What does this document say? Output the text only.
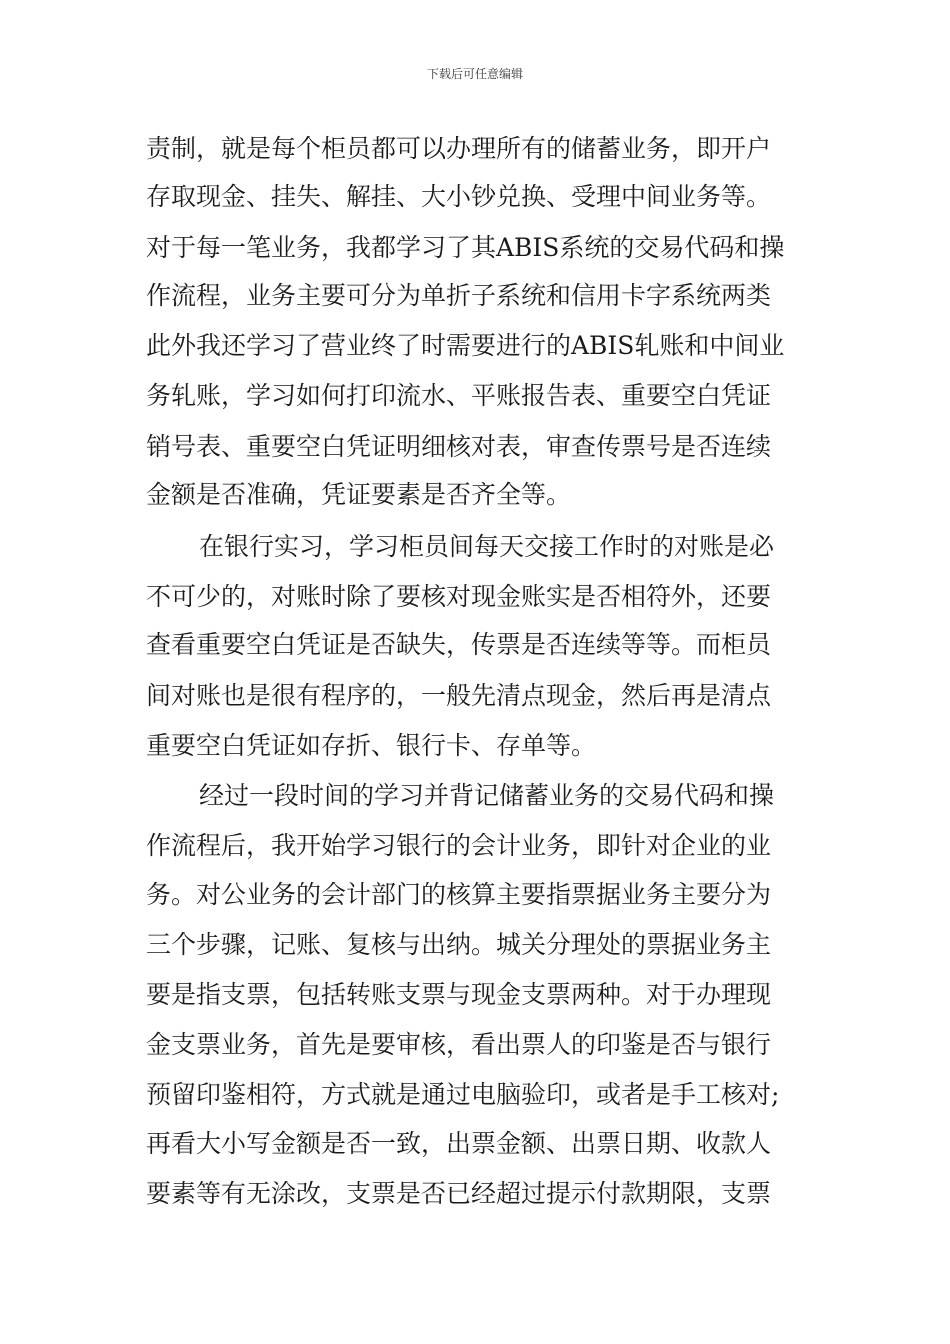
下载后可任意编辑
责制，就是每个柜员都可以办理所有的储蓄业务，即开户
存取现金、挂失、解挂、大小钞兑换、受理中间业务等。
对于每一笔业务，我都学习了其ABIS系统的交易代码和操
作流程，业务主要可分为单折子系统和信用卡字系统两类
此外我还学习了营业终了时需要进行的ABIS轧账和中间业
务轧账，学习如何打印流水、平账报告表、重要空白凭证
销号表、重要空白凭证明细核对表，审查传票号是否连续
金额是否准确，凭证要素是否齐全等。
在银行实习，学习柜员间每天交接工作时的对账是必
不可少的，对账时除了要核对现金账实是否相符外，还要
查看重要空白凭证是否缺失，传票是否连续等等。而柜员
间对账也是很有程序的，一般先清点现金，然后再是清点
重要空白凭证如存折、银行卡、存单等。
经过一段时间的学习并背记储蓄业务的交易代码和操
作流程后，我开始学习银行的会计业务，即针对企业的业
务。对公业务的会计部门的核算主要指票据业务主要分为
三个步骤，记账、复核与出纳。城关分理处的票据业务主
要是指支票，包括转账支票与现金支票两种。对于办理现
金支票业务，首先是要审核，看出票人的印鉴是否与银行
预留印鉴相符，方式就是通过电脑验印，或者是手工核对;
再看大小写金额是否一致，出票金额、出票日期、收款人
要素等有无涂改，支票是否已经超过提示付款期限，支票
